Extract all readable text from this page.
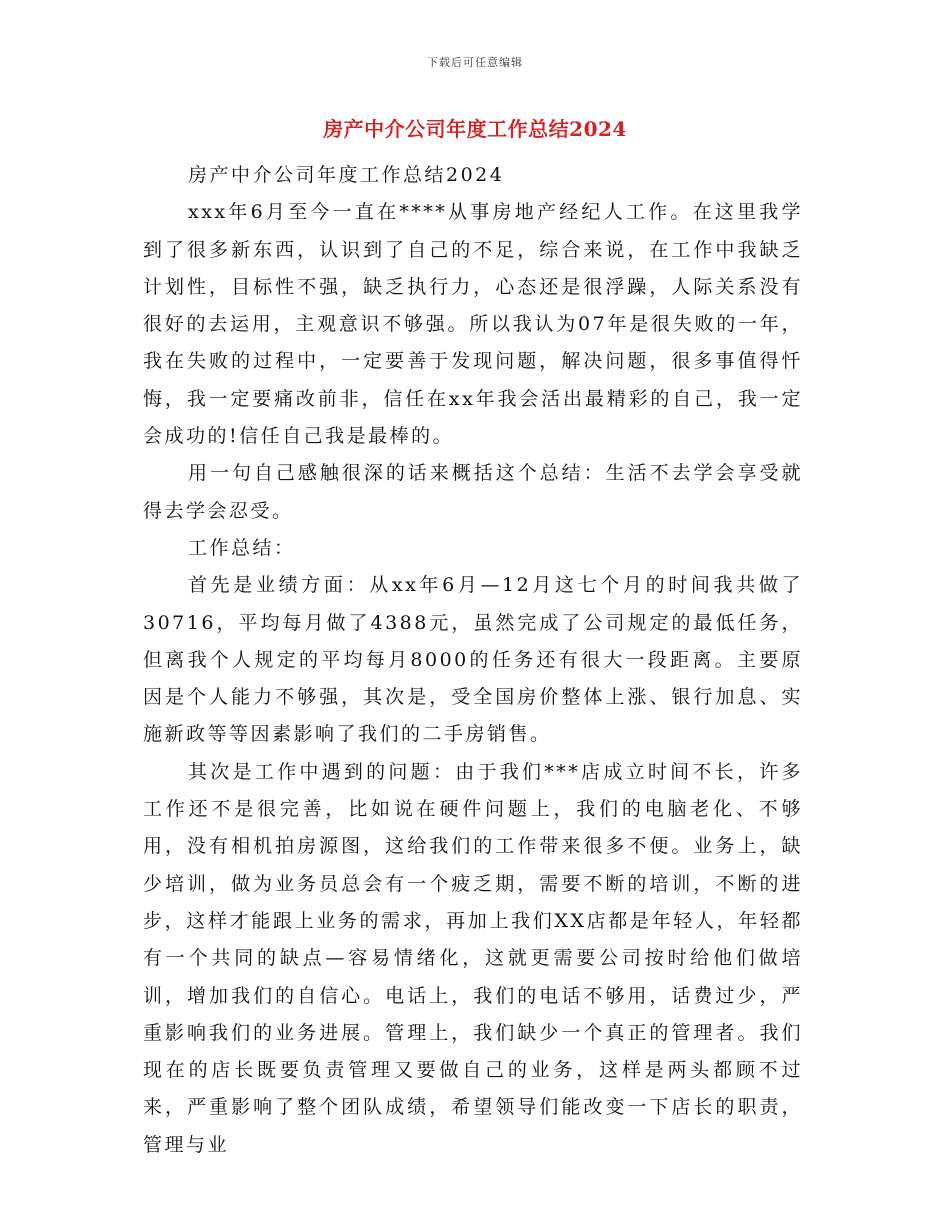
下载后可任意编辑
房产中介公司年度工作总结2024

房产中介公司年度工作总结2024

xxx年6月至今一直在****从事房地产经纪人工作。在这里我学到了很多新东西，认识到了自己的不足，综合来说，在工作中我缺乏计划性，目标性不强，缺乏执行力，心态还是很浮躁，人际关系没有很好的去运用，主观意识不够强。所以我认为07年是很失败的一年，我在失败的过程中，一定要善于发现问题，解决问题，很多事值得忏悔，我一定要痛改前非，信任在xx年我会活出最精彩的自己，我一定会成功的!信任自己我是最棒的。

用一句自己感触很深的话来概括这个总结：生活不去学会享受就得去学会忍受。

工作总结：

首先是业绩方面：从xx年6月—12月这七个月的时间我共做了30716，平均每月做了4388元，虽然完成了公司规定的最低任务，但离我个人规定的平均每月8000的任务还有很大一段距离。主要原因是个人能力不够强，其次是，受全国房价整体上涨、银行加息、实施新政等等因素影响了我们的二手房销售。

其次是工作中遇到的问题：由于我们***店成立时间不长，许多工作还不是很完善，比如说在硬件问题上，我们的电脑老化、不够用，没有相机拍房源图，这给我们的工作带来很多不便。业务上，缺少培训，做为业务员总会有一个疲乏期，需要不断的培训，不断的进步，这样才能跟上业务的需求，再加上我们XX店都是年轻人，年轻都有一个共同的缺点—容易情绪化，这就更需要公司按时给他们做培训，增加我们的自信心。电话上，我们的电话不够用，话费过少，严重影响我们的业务进展。管理上，我们缺少一个真正的管理者。我们现在的店长既要负责管理又要做自己的业务，这样是两头都顾不过来，严重影响了整个团队成绩，希望领导们能改变一下店长的职责，管理与业
